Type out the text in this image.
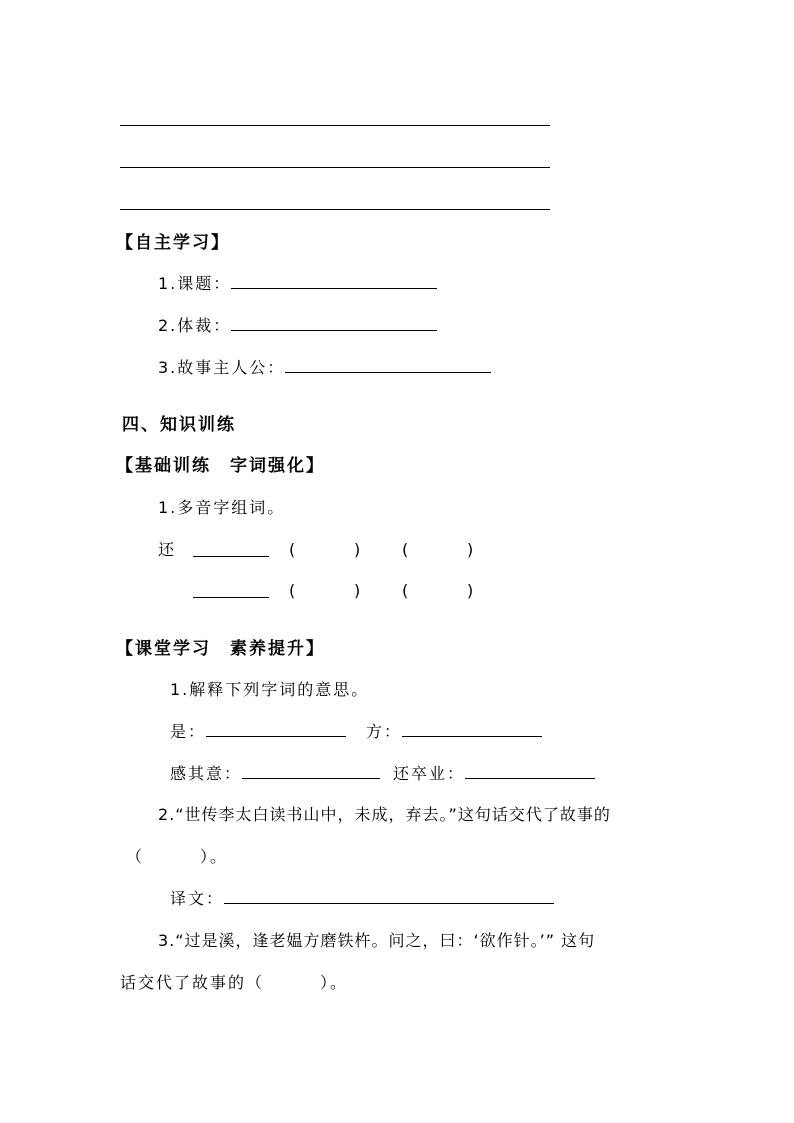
【自主学习】
1.课题：
2.体裁：
3.故事主人公：
四、知识训练
【基础训练　字词强化】
1.多音字组词。
还	(	)	(	)
(	)	(	)
【课堂学习　素养提升】
1.解释下列字词的意思。
是：	方：
感其意：	还卒业：
2.“世传李太白读书山中，未成，弃去。”这句话交代了故事的
（	）。
译文：
3.“过是溪，逢老媪方磨铁杵。问之，曰：‘欲作针。’” 这句
话交代了故事的（	）。
